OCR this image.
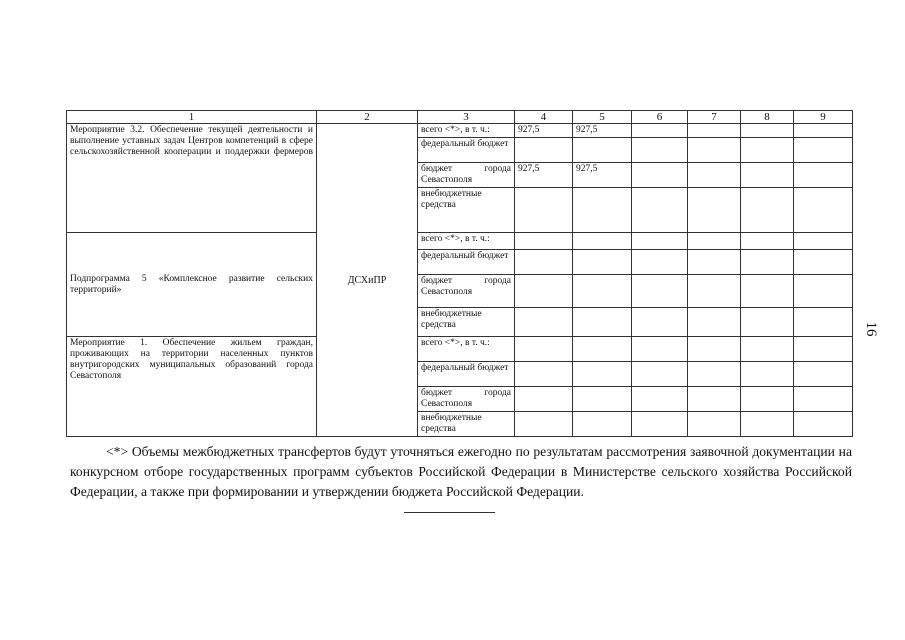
16
1	2	3	4	5	6	7	8	9
Мероприятие 3.2. Обеспечение текущей деятельности и выполнение уставных задач Центров компетенций в сфере сельскохозяйственной кооперации и поддержки фермеров	ДСХиПР	всего <*>, в т. ч.:	927,5	927,5				
		федеральный бюджет						
		бюджет города Севастополя	927,5	927,5				
		внебюджетные средства						

Подпрограмма 5 «Комплексное развитие сельских территорий»		всего <*>, в т. ч.:						
		федеральный бюджет						
		бюджет города Севастополя						
		внебюджетные средства						
Мероприятие 1. Обеспечение жильем граждан, проживающих на территории населенных пунктов внутригородских муниципальных образований города Севастополя		всего <*>, в т. ч.:						
		федеральный бюджет						
		бюджет города Севастополя						
		внебюджетные средства						
<*> Объемы межбюджетных трансфертов будут уточняться ежегодно по результатам рассмотрения заявочной документации на конкурсном отборе государственных программ субъектов Российской Федерации в Министерстве сельского хозяйства Российской Федерации, а также при формировании и утверждении бюджета Российской Федерации.
